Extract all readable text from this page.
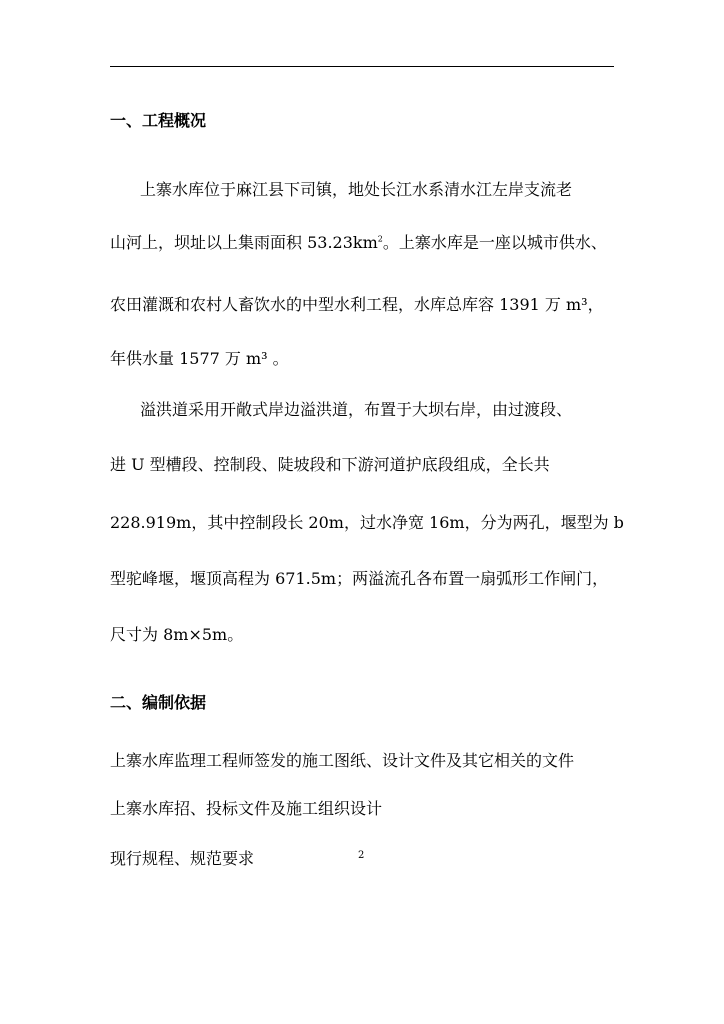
一、工程概况
上寨水库位于麻江县下司镇，地处长江水系清水江左岸支流老
山河上，坝址以上集雨面积 $53.23km^2$。上寨水库是一座以城市供水、
农田灌溉和农村人畜饮水的中型水利工程，水库总库容 1391 万 m³，
年供水量 1577 万 m³ 。
溢洪道采用开敞式岸边溢洪道，布置于大坝右岸，由过渡段、
进 U 型槽段、控制段、陡坡段和下游河道护底段组成，全长共
228.919m，其中控制段长 20m，过水净宽 16m，分为两孔，堰型为 b
型驼峰堰，堰顶高程为 671.5m；两溢流孔各布置一扇弧形工作闸门，
尺寸为 8m×5m。
二、编制依据
上寨水库监理工程师签发的施工图纸、设计文件及其它相关的文件
上寨水库招、投标文件及施工组织设计
现行规程、规范要求	2
